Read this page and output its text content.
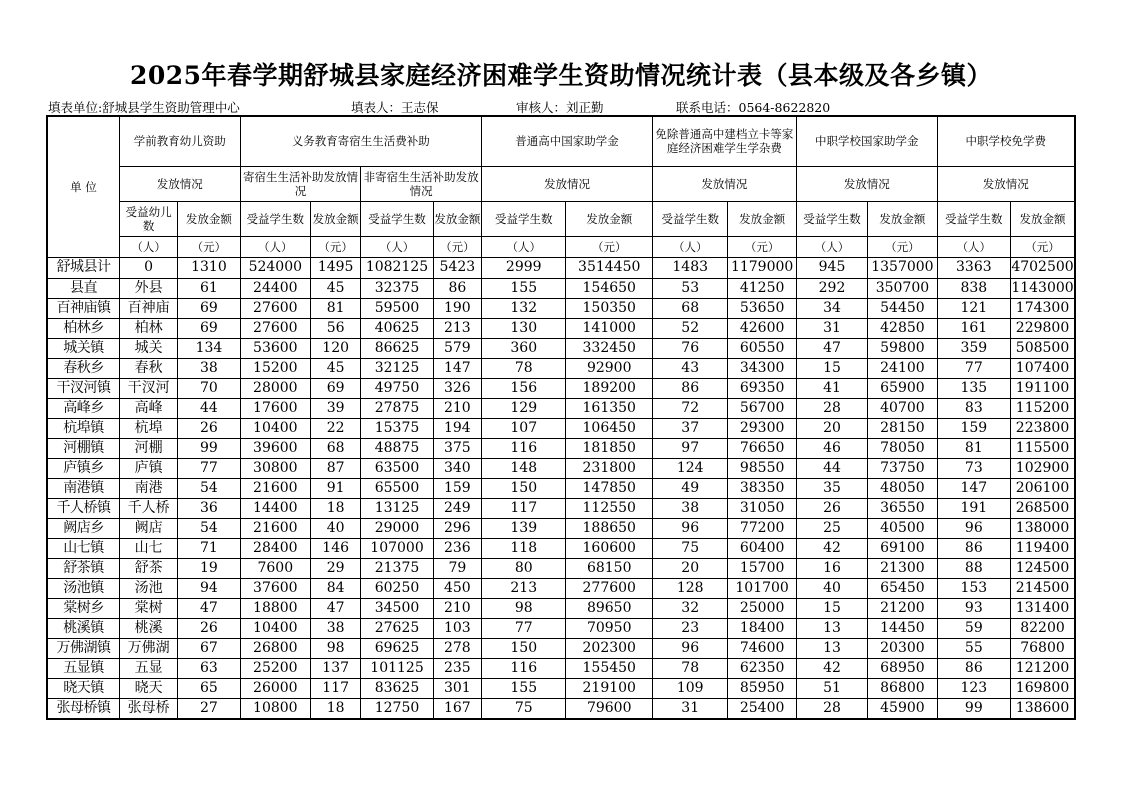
2025年春学期舒城县家庭经济困难学生资助情况统计表（县本级及各乡镇）
填表单位:舒城县学生资助管理中心	填表人：王志保	审核人：刘正勤	联系电话：0564-8622820
单 位	学前教育幼儿资助		义务教育寄宿生生活费补助				普通高中国家助学金		免除普通高中建档立卡等家庭经济困难学生学杂费		中职学校国家助学金		中职学校免学费	
	发放情况		寄宿生生活补助发放情况		非寄宿生生活补助发放情况		发放情况		发放情况		发放情况		发放情况	
	受益幼儿数	发放金额	受益学生数	发放金额	受益学生数	发放金额	受益学生数	发放金额	受益学生数	发放金额	受益学生数	发放金额	受益学生数	发放金额
	（人）	（元）	（人）	（元）	（人）	（元）	（人）	（元）	（人）	（元）	（人）	（元）	（人）	（元）
舒城县计	0	1310	524000	1495	1082125	5423	2999	3514450	1483	1179000	945	1357000	3363	4702500
县直	外县	61	24400	45	32375	86	155	154650	53	41250	292	350700	838	1143000
百神庙镇	百神庙	69	27600	81	59500	190	132	150350	68	53650	34	54450	121	174300
柏林乡	柏林	69	27600	56	40625	213	130	141000	52	42600	31	42850	161	229800
城关镇	城关	134	53600	120	86625	579	360	332450	76	60550	47	59800	359	508500
春秋乡	春秋	38	15200	45	32125	147	78	92900	43	34300	15	24100	77	107400
干汊河镇	干汊河	70	28000	69	49750	326	156	189200	86	69350	41	65900	135	191100
高峰乡	高峰	44	17600	39	27875	210	129	161350	72	56700	28	40700	83	115200
杭埠镇	杭埠	26	10400	22	15375	194	107	106450	37	29300	20	28150	159	223800
河棚镇	河棚	99	39600	68	48875	375	116	181850	97	76650	46	78050	81	115500
庐镇乡	庐镇	77	30800	87	63500	340	148	231800	124	98550	44	73750	73	102900
南港镇	南港	54	21600	91	65500	159	150	147850	49	38350	35	48050	147	206100
千人桥镇	千人桥	36	14400	18	13125	249	117	112550	38	31050	26	36550	191	268500
阙店乡	阙店	54	21600	40	29000	296	139	188650	96	77200	25	40500	96	138000
山七镇	山七	71	28400	146	107000	236	118	160600	75	60400	42	69100	86	119400
舒茶镇	舒茶	19	7600	29	21375	79	80	68150	20	15700	16	21300	88	124500
汤池镇	汤池	94	37600	84	60250	450	213	277600	128	101700	40	65450	153	214500
棠树乡	棠树	47	18800	47	34500	210	98	89650	32	25000	15	21200	93	131400
桃溪镇	桃溪	26	10400	38	27625	103	77	70950	23	18400	13	14450	59	82200
万佛湖镇	万佛湖	67	26800	98	69625	278	150	202300	96	74600	13	20300	55	76800
五显镇	五显	63	25200	137	101125	235	116	155450	78	62350	42	68950	86	121200
晓天镇	晓天	65	26000	117	83625	301	155	219100	109	85950	51	86800	123	169800
张母桥镇	张母桥	27	10800	18	12750	167	75	79600	31	25400	28	45900	99	138600
